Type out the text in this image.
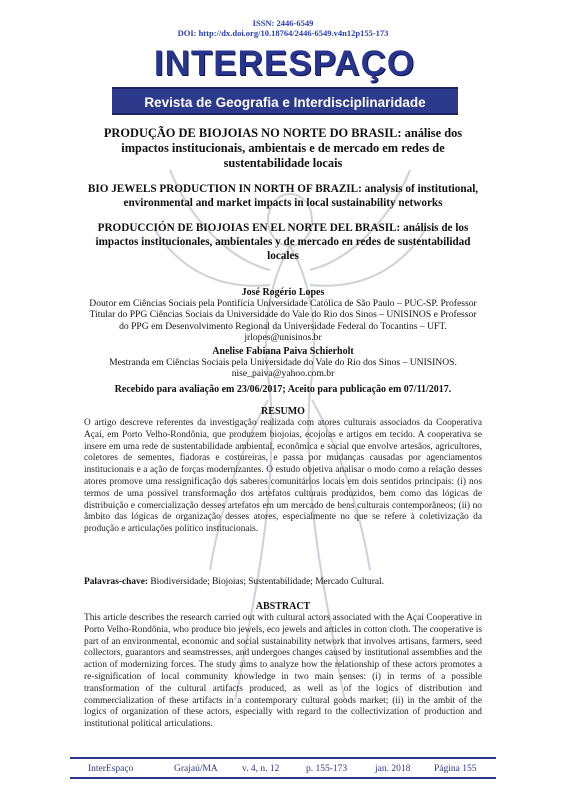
ISSN: 2446-6549
DOI: http://dx.doi.org/10.18764/2446-6549.v4n12p155-173
INTERESPAÇO
Revista de Geografia e Interdisciplinaridade
PRODUÇÃO DE BIOJOIAS NO NORTE DO BRASIL: análise dos impactos institucionais, ambientais e de mercado em redes de sustentabilidade locais
BIO JEWELS PRODUCTION IN NORTH OF BRAZIL: analysis of institutional, environmental and market impacts in local sustainability networks
PRODUCCIÓN DE BIOJOIAS EN EL NORTE DEL BRASIL: análisis de los impactos institucionales, ambientales y de mercado en redes de sustentabilidad locales
José Rogério Lopes
Doutor em Ciências Sociais pela Pontifícia Universidade Católica de São Paulo – PUC-SP. Professor Titular do PPG Ciências Sociais da Universidade do Vale do Rio dos Sinos – UNISINOS e Professor do PPG em Desenvolvimento Regional da Universidade Federal do Tocantins – UFT.
jrlopes@unisinos.br
Anelise Fabiana Paiva Schierholt
Mestranda em Ciências Sociais pela Universidade do Vale do Rio dos Sinos – UNISINOS.
nise_paiva@yahoo.com.br
Recebido para avaliação em 23/06/2017; Aceito para publicação em 07/11/2017.
RESUMO
O artigo descreve referentes da investigação realizada com atores culturais associados da Cooperativa Açaí, em Porto Velho-Rondônia, que produzem biojoias, ecojoias e artigos em tecido. A cooperativa se insere em uma rede de sustentabilidade ambiental, econômica e social que envolve artesãos, agricultores, coletores de sementes, fiadoras e costureiras, e passa por mudanças causadas por agenciamentos institucionais e a ação de forças modernizantes. O estudo objetiva analisar o modo como a relação desses atores promove uma ressignificação dos saberes comunitários locais em dois sentidos principais: (i) nos termos de uma possível transformação dos artefatos culturais produzidos, bem como das lógicas de distribuição e comercialização desses artefatos em um mercado de bens culturais contemporâneos; (ii) no âmbito das lógicas de organização desses atores, especialmente no que se refere à coletivização da produção e articulações político institucionais.
Palavras-chave: Biodiversidade; Biojoias; Sustentabilidade; Mercado Cultural.
ABSTRACT
This article describes the research carried out with cultural actors associated with the Açaí Cooperative in Porto Velho-Rondônia, who produce bio jewels, eco jewels and articles in cotton cloth. The cooperative is part of an environmental, economic and social sustainability network that involves artisans, farmers, seed collectors, guarantors and seamstresses, and undergoes changes caused by institutional assemblies and the action of modernizing forces. The study aims to analyze how the relationship of these actors promotes a re-signification of local community knowledge in two main senses: (i) in terms of a possible transformation of the cultural artifacts produced, as well as of the logics of distribution and commercialization of these artifacts in a contemporary cultural goods market; (ii) in the ambit of the logics of organization of these actors, especially with regard to the collectivization of production and institutional political articulations.
InterEspaço	Grajaú/MA	v. 4, n. 12	p. 155-173	jan. 2018 Página 155
